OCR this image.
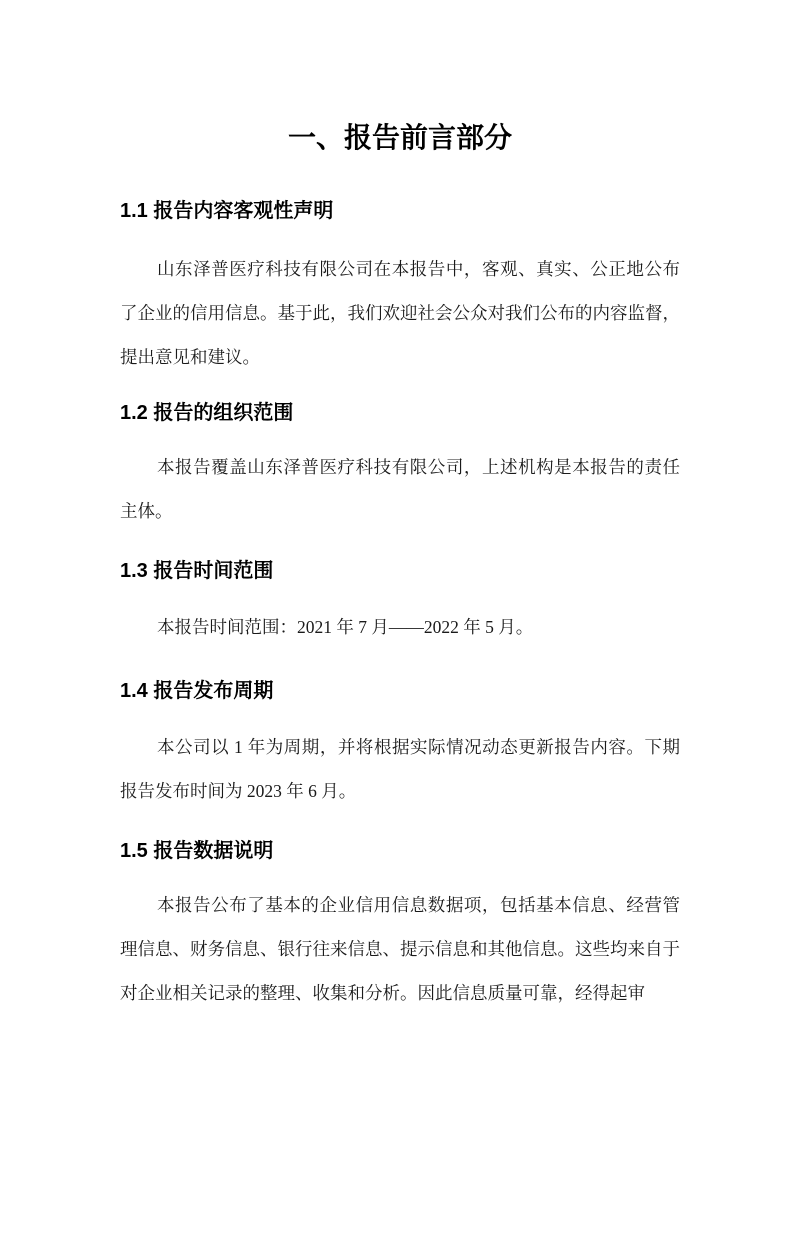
一、报告前言部分
1.1 报告内容客观性声明

山东泽普医疗科技有限公司在本报告中，客观、真实、公正地公布了企业的信用信息。基于此，我们欢迎社会公众对我们公布的内容监督，提出意见和建议。

1.2 报告的组织范围

本报告覆盖山东泽普医疗科技有限公司，上述机构是本报告的责任主体。

1.3 报告时间范围

本报告时间范围：2021 年 7 月——2022 年 5 月。

1.4 报告发布周期

本公司以 1 年为周期，并将根据实际情况动态更新报告内容。下期报告发布时间为 2023 年 6 月。

1.5 报告数据说明

本报告公布了基本的企业信用信息数据项，包括基本信息、经营管理信息、财务信息、银行往来信息、提示信息和其他信息。这些均来自于对企业相关记录的整理、收集和分析。因此信息质量可靠，经得起审
